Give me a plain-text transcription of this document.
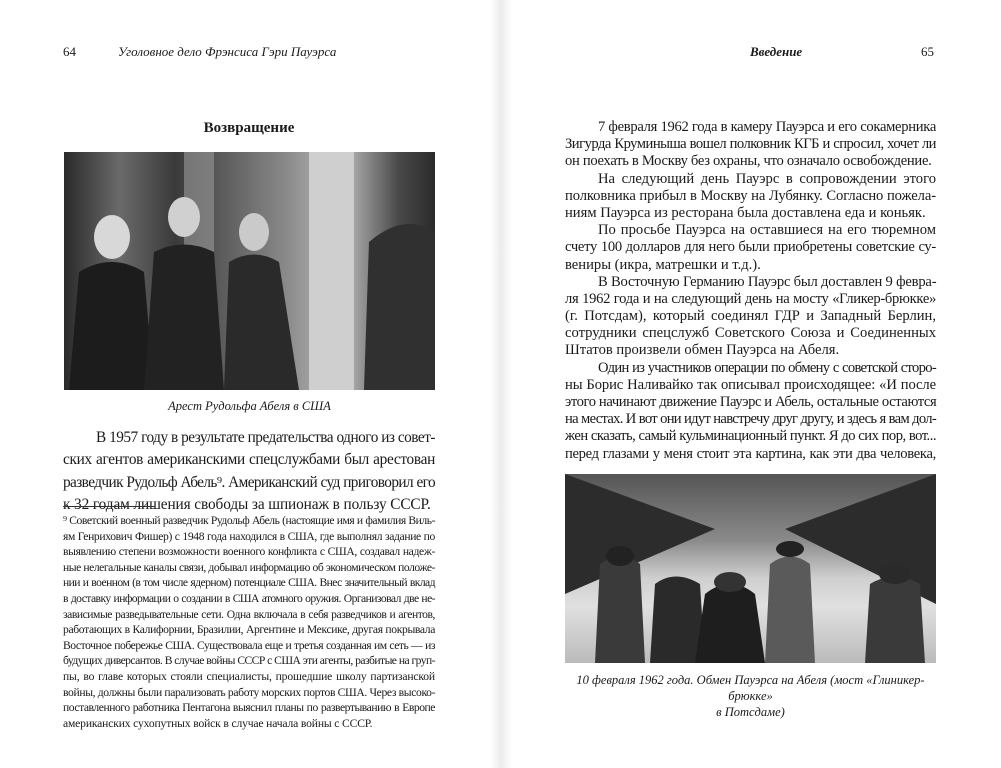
64	Уголовное дело Фрэнсиса Гэри Пауэрса
Возвращение
Арест Рудольфа Абеля в США
В 1957 году в результате предательства одного из совет-
ских агентов американскими спецслужбами был арестован
разведчик Рудольф Абель⁹. Американский суд приговорил его
к 32 годам лишения свободы за шпионаж в пользу СССР.
⁹ Советский военный разведчик Рудольф Абель (настоящие имя и фамилия Виль-
ям Генрихович Фишер) с 1948 года находился в США, где выполнял задание по
выявлению степени возможности военного конфликта с США, создавал надеж-
ные нелегальные каналы связи, добывал информацию об экономическом положе-
нии и военном (в том числе ядерном) потенциале США. Внес значительный вклад
в доставку информации о создании в США атомного оружия. Организовал две не-
зависимые разведывательные сети. Одна включала в себя разведчиков и агентов,
работающих в Калифорнии, Бразилии, Аргентине и Мексике, другая покрывала
Восточное побережье США. Существовала еще и третья созданная им сеть — из
будущих диверсантов. В случае войны СССР с США эти агенты, разбитые на груп-
пы, во главе которых стояли специалисты, прошедшие школу партизанской
войны, должны были парализовать работу морских портов США. Через высоко-
поставленного работника Пентагона выяснил планы по развертыванию в Европе
американских сухопутных войск в случае начала войны с СССР.
Введение	65
7 февраля 1962 года в камеру Пауэрса и его сокамерника
Зигурда Круминыша вошел полковник КГБ и спросил, хочет ли
он поехать в Москву без охраны, что означало освобождение.
На следующий день Пауэрс в сопровождении этого
полковника прибыл в Москву на Лубянку. Согласно пожела-
ниям Пауэрса из ресторана была доставлена еда и коньяк.
По просьбе Пауэрса на оставшиеся на его тюремном
счету 100 долларов для него были приобретены советские су-
вениры (икра, матрешки и т.д.).
В Восточную Германию Пауэрс был доставлен 9 февра-
ля 1962 года и на следующий день на мосту «Гликер-брюкке»
(г. Потсдам), который соединял ГДР и Западный Берлин,
сотрудники спецслужб Советского Союза и Соединенных
Штатов произвели обмен Пауэрса на Абеля.
Один из участников операции по обмену с советской сторо-
ны Борис Наливайко так описывал происходящее: «И после
этого начинают движение Пауэрс и Абель, остальные остаются
на местах. И вот они идут навстречу друг другу, и здесь я вам дол-
жен сказать, самый кульминационный пункт. Я до сих пор, вот...
перед глазами у меня стоит эта картина, как эти два человека,
10 февраля 1962 года. Обмен Пауэрса на Абеля (мост «Глиникер-брюкке»
в Потсдаме)
